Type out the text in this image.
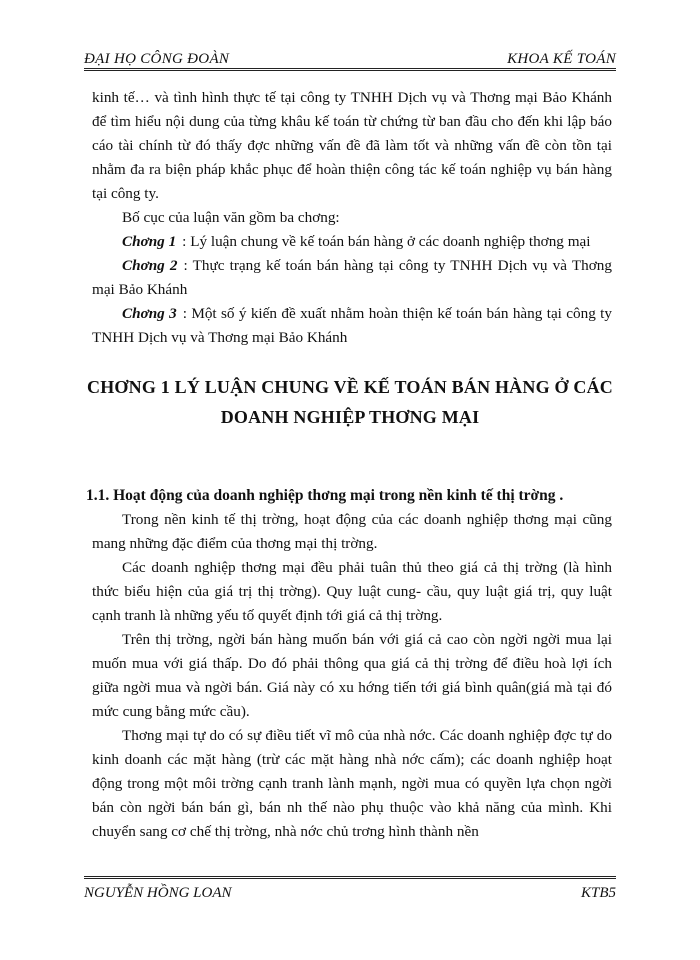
ĐẠI HỌ CÔNG ĐOÀN	KHOA KẾ TOÁN

kinh tế… và tình hình thực tế tại công ty TNHH Dịch vụ và Thơng mại Bảo Khánh để tìm hiểu nội dung của từng khâu kế toán từ chứng từ ban đầu cho đến khi lập báo cáo tài chính từ đó thấy đợc những vấn đề đã làm tốt và những vấn đề còn tồn tại nhằm đa ra biện pháp khắc phục để hoàn thiện công tác kế toán nghiệp vụ bán hàng tại công ty.

Bố cục của luận văn gồm ba chơng:

Chơng 1 : Lý luận chung về kế toán bán hàng ở các doanh nghiệp thơng mại

Chơng 2 : Thực trạng kế toán bán hàng tại công ty TNHH Dịch vụ và Thơng mại Bảo Khánh

Chơng 3 : Một số ý kiến đề xuất nhằm hoàn thiện kế toán bán hàng tại công ty TNHH Dịch vụ và Thơng mại Bảo Khánh

CHƠNG 1 LÝ LUẬN CHUNG VỀ KẾ TOÁN BÁN HÀNG Ở CÁC
DOANH NGHIỆP THƠNG MẠI
1.1. Hoạt động của doanh nghiệp thơng mại trong nền kinh tế thị trờng .

Trong nền kinh tế thị trờng, hoạt động của các doanh nghiệp thơng mại cũng mang những đặc điểm của thơng mại thị trờng.

Các doanh nghiệp thơng mại đều phải tuân thủ theo giá cả thị trờng (là hình thức biểu hiện của giá trị thị trờng). Quy luật cung- cầu, quy luật giá trị, quy luật cạnh tranh là những yếu tố quyết định tới giá cả thị trờng.

Trên thị trờng, ngời bán hàng muốn bán với giá cả cao còn ngời ngời mua lại muốn mua với giá thấp. Do đó phải thông qua giá cả thị trờng để điều hoà lợi ích giữa ngời mua và ngời bán. Giá này có xu hớng tiến tới giá bình quân(giá mà tại đó mức cung bằng mức cầu).

Thơng mại tự do có sự điều tiết vĩ mô của nhà nớc. Các doanh nghiệp đợc tự do kinh doanh các mặt hàng (trừ các mặt hàng nhà nớc cấm); các doanh nghiệp hoạt động trong một môi trờng cạnh tranh lành mạnh, ngời mua có quyền lựa chọn ngời bán còn ngời bán bán gì, bán nh thế nào phụ thuộc vào khả năng của mình. Khi chuyển sang cơ chế thị trờng, nhà nớc chủ trơng hình thành nền

NGUYỄN HỒNG LOAN	KTB5
